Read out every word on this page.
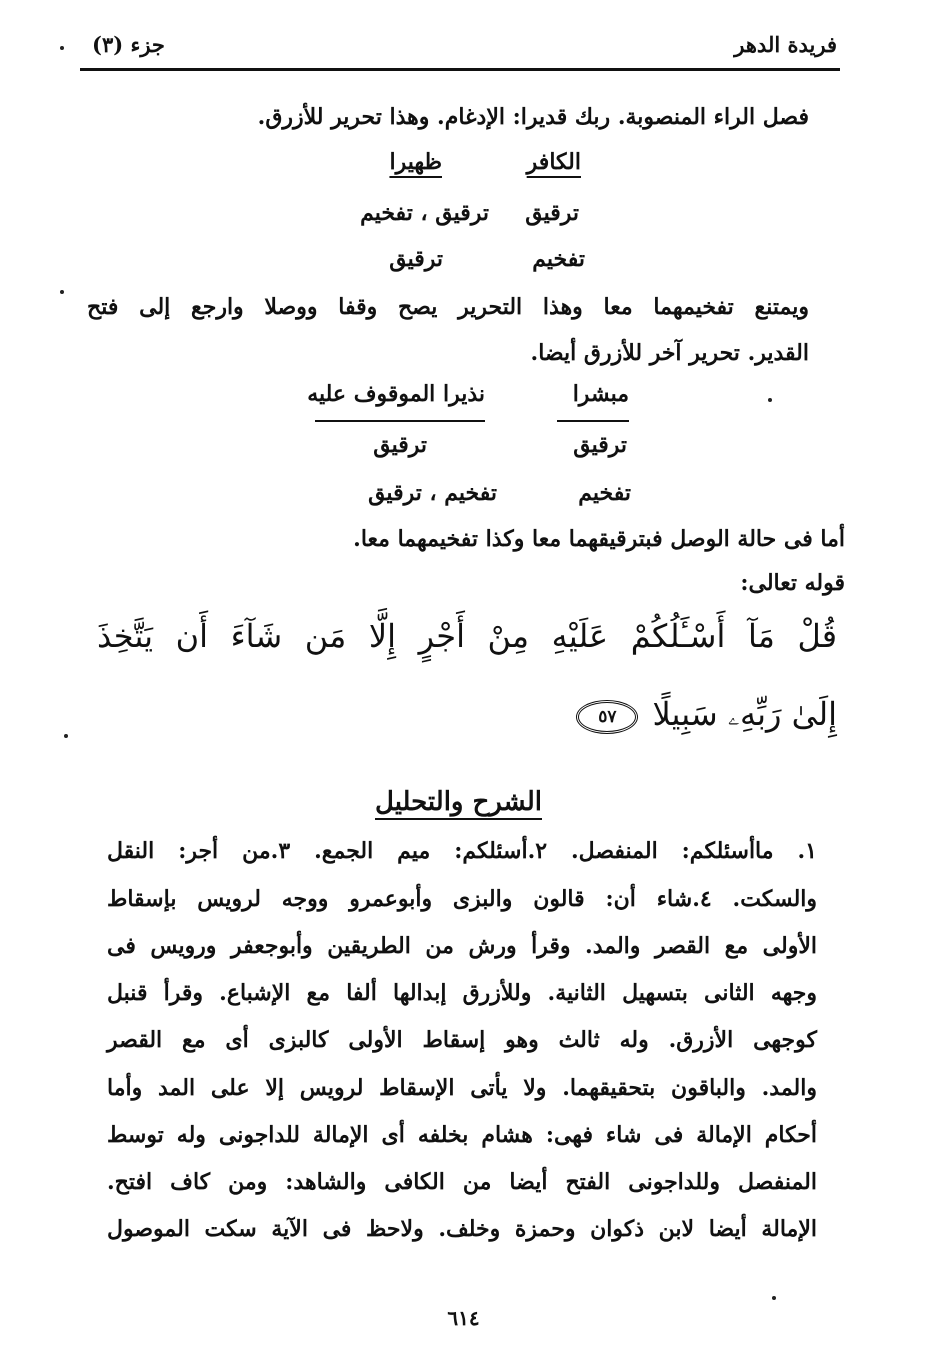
فريدة الدهر
جزء (٣)
فصل الراء المنصوبة. ربك قديرا: الإدغام. وهذا تحرير للأزرق.
الكافر
ظهيرا
ترقيق
ترقيق ، تفخيم
تفخيم
ترقيق
ويمتنع تفخيمهما معا وهذا التحرير يصح وقفا ووصلا وارجع إلى فتح
القدير. تحرير آخر للأزرق أيضا.
مبشرا
نذيرا الموقوف عليه
ترقيق
ترقيق
تفخيم
تفخيم ، ترقيق
أما فى حالة الوصل فبترقيقهما معا وكذا تفخيمهما معا.
قوله تعالى:
قُلْ مَآ أَسْـَٔلُكُمْ عَلَيْهِ مِنْ أَجْرٍ إِلَّا مَن شَآءَ أَن يَتَّخِذَ
إِلَىٰ رَبِّهِۦ سَبِيلًا٥٧
الشرح والتحليل
١. ماأسئلكم: المنفصل. ٢.أسئلكم: ميم الجمع. ٣.من أجر: النقل
والسكت. ٤.شاء أن: قالون والبزى وأبوعمرو ووجه لرويس بإسقاط
الأولى مع القصر والمد. وقرأ ورش من الطريقين وأبوجعفر ورويس فى
وجهه الثانى بتسهيل الثانية. وللأزرق إبدالها ألفا مع الإشباع. وقرأ قنبل
كوجهى الأزرق. وله ثالث وهو إسقاط الأولى كالبزى أى مع القصر
والمد. والباقون بتحقيقهما. ولا يأتى الإسقاط لرويس إلا على المد وأما
أحكام الإمالة فى شاء فهى: هشام بخلفه أى الإمالة للداجونى وله توسط
المنفصل وللداجونى الفتح أيضا من الكافى والشاهد: ومن كاف افتح.
الإمالة أيضا لابن ذكوان وحمزة وخلف. ولاحظ فى الآية سكت الموصول
٦١٤
